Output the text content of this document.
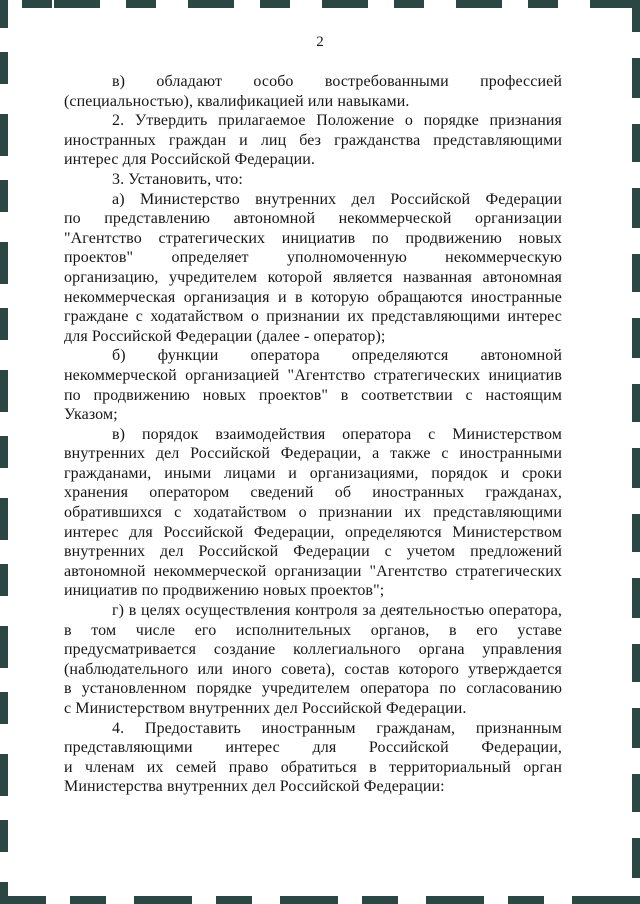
2
в) обладают особо востребованными профессией
(специальностью), квалификацией или навыками.
2. Утвердить прилагаемое Положение о порядке признания
иностранных граждан и лиц без гражданства представляющими
интерес для Российской Федерации.
3. Установить, что:
а) Министерство внутренних дел Российской Федерации
по представлению автономной некоммерческой организации
"Агентство стратегических инициатив по продвижению новых
проектов" определяет уполномоченную некоммерческую
организацию, учредителем которой является названная автономная
некоммерческая организация и в которую обращаются иностранные
граждане с ходатайством о признании их представляющими интерес
для Российской Федерации (далее - оператор);
б) функции оператора определяются автономной
некоммерческой организацией "Агентство стратегических инициатив
по продвижению новых проектов" в соответствии с настоящим
Указом;
в) порядок взаимодействия оператора с Министерством
внутренних дел Российской Федерации, а также с иностранными
гражданами, иными лицами и организациями, порядок и сроки
хранения оператором сведений об иностранных гражданах,
обратившихся с ходатайством о признании их представляющими
интерес для Российской Федерации, определяются Министерством
внутренних дел Российской Федерации с учетом предложений
автономной некоммерческой организации "Агентство стратегических
инициатив по продвижению новых проектов";
г) в целях осуществления контроля за деятельностью оператора,
в том числе его исполнительных органов, в его уставе
предусматривается создание коллегиального органа управления
(наблюдательного или иного совета), состав которого утверждается
в установленном порядке учредителем оператора по согласованию
с Министерством внутренних дел Российской Федерации.
4. Предоставить иностранным гражданам, признанным
представляющими интерес для Российской Федерации,
и членам их семей право обратиться в территориальный орган
Министерства внутренних дел Российской Федерации:
